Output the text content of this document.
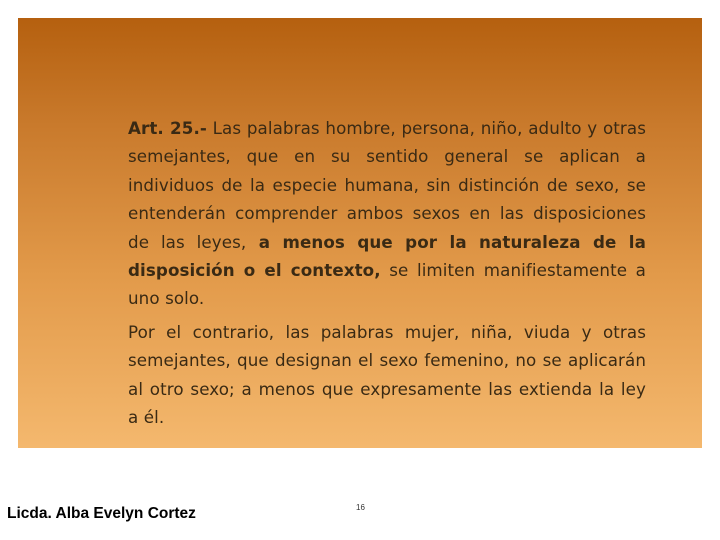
Art. 25.- Las palabras hombre, persona, niño, adulto y otras semejantes, que en su sentido general se aplican a individuos de la especie humana, sin distinción de sexo, se entenderán comprender ambos sexos en las disposiciones de las leyes, a menos que por la naturaleza de la disposición o el contexto, se limiten manifiestamente a uno solo.

Por el contrario, las palabras mujer, niña, viuda y otras semejantes, que designan el sexo femenino, no se aplicarán al otro sexo; a menos que expresamente las extienda la ley a él.

Licda. Alba Evelyn Cortez	16
